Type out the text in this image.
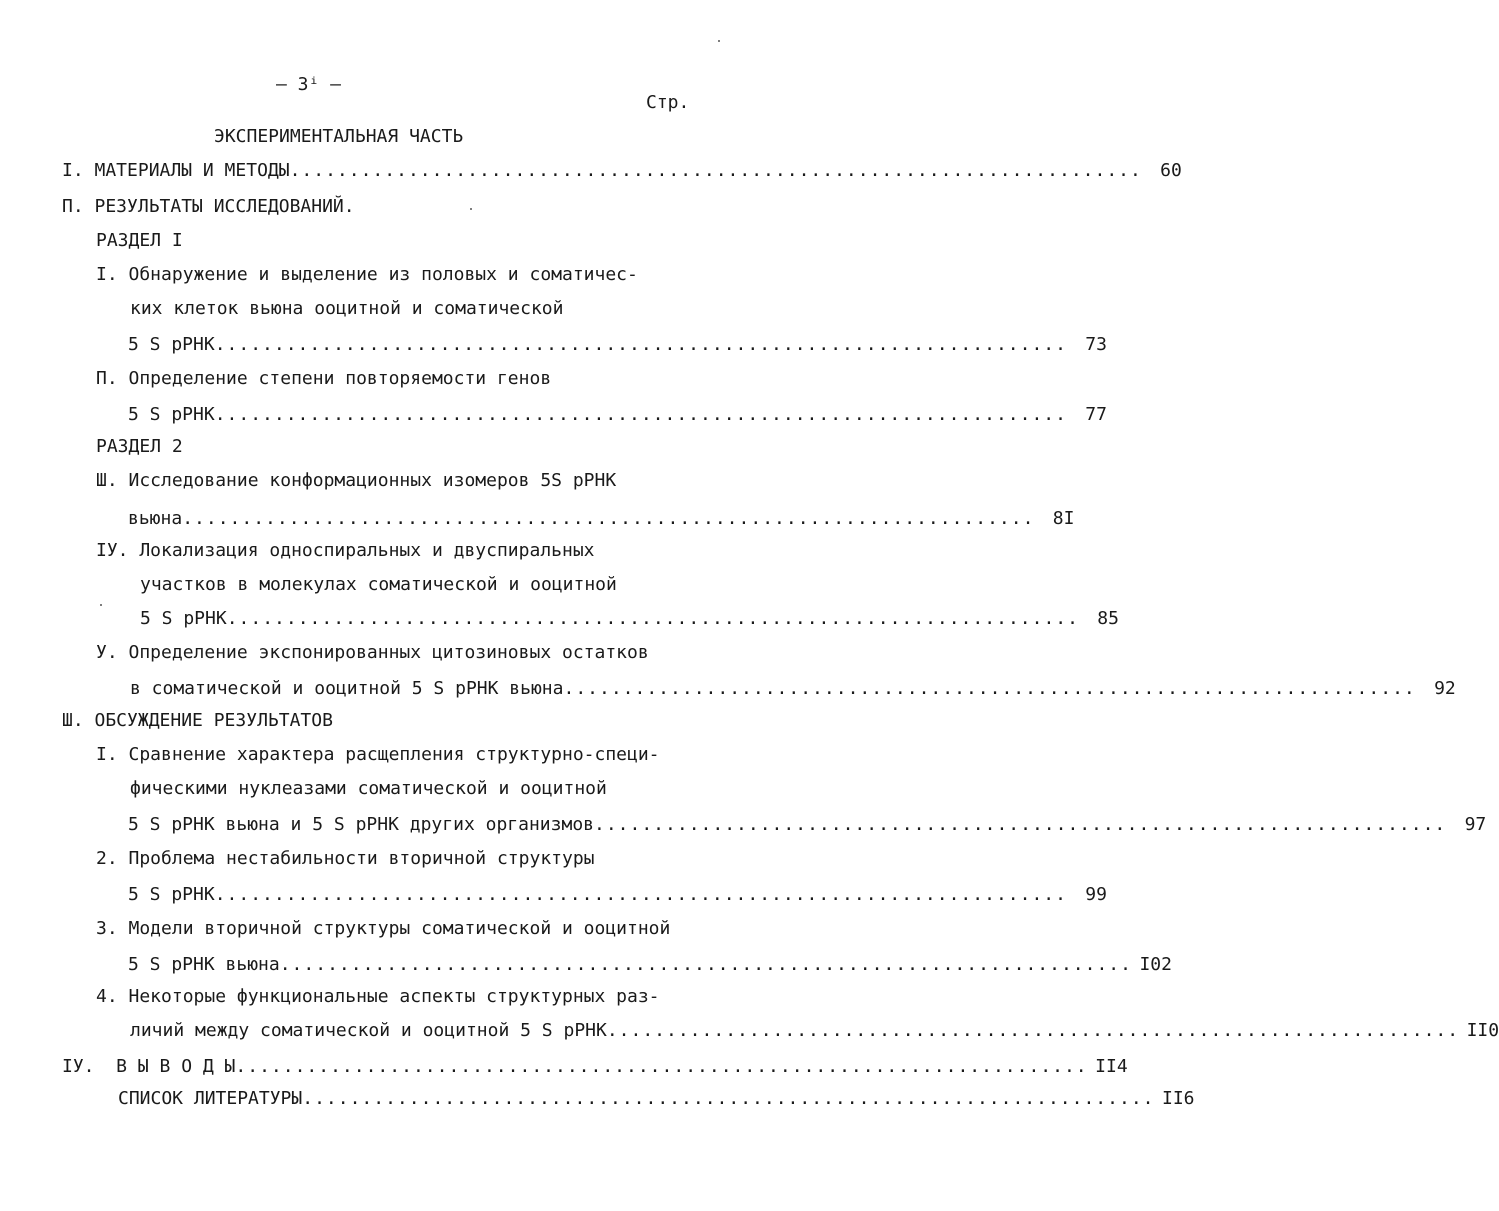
– 3ⁱ –
Стр.
ЭКСПЕРИМЕНТАЛЬНАЯ ЧАСТЬ
I. МАТЕРИАЛЫ И МЕТОДЫ ........................................................................	60
П. РЕЗУЛЬТАТЫ ИССЛЕДОВАНИЙ.
РАЗДЕЛ I
I. Обнаружение и выделение из половых и соматичес-
ких клеток вьюна ооцитной и соматической
5 S рРНК ........................................................................	73
П. Определение степени повторяемости генов
5 S рРНК ........................................................................	77
РАЗДЕЛ 2
Ш. Исследование конформационных изомеров 5S рРНК
вьюна ........................................................................	8I
IУ. Локализация односпиральных и двуспиральных
участков в молекулах соматической и ооцитной
5 S рРНК ........................................................................	85
У. Определение экспонированных цитозиновых остатков
в соматической и ооцитной 5 S рРНК вьюна ........................................................................	92
Ш. ОБСУЖДЕНИЕ РЕЗУЛЬТАТОВ
I. Сравнение характера расщепления структурно-специ-
фическими нуклеазами соматической и ооцитной
5 S рРНК вьюна и 5 S рРНК других организмов ........................................................................	97
2. Проблема нестабильности вторичной структуры
5 S рРНК ........................................................................	99
3. Модели вторичной структуры соматической и ооцитной
5 S рРНК вьюна ........................................................................ I02
4. Некоторые функциональные аспекты структурных раз-
личий между соматической и ооцитной 5 S рРНК ........................................................................ II0
IУ.  В Ы В О Д Ы ........................................................................ II4
СПИСОК ЛИТЕРАТУРЫ ........................................................................ II6
